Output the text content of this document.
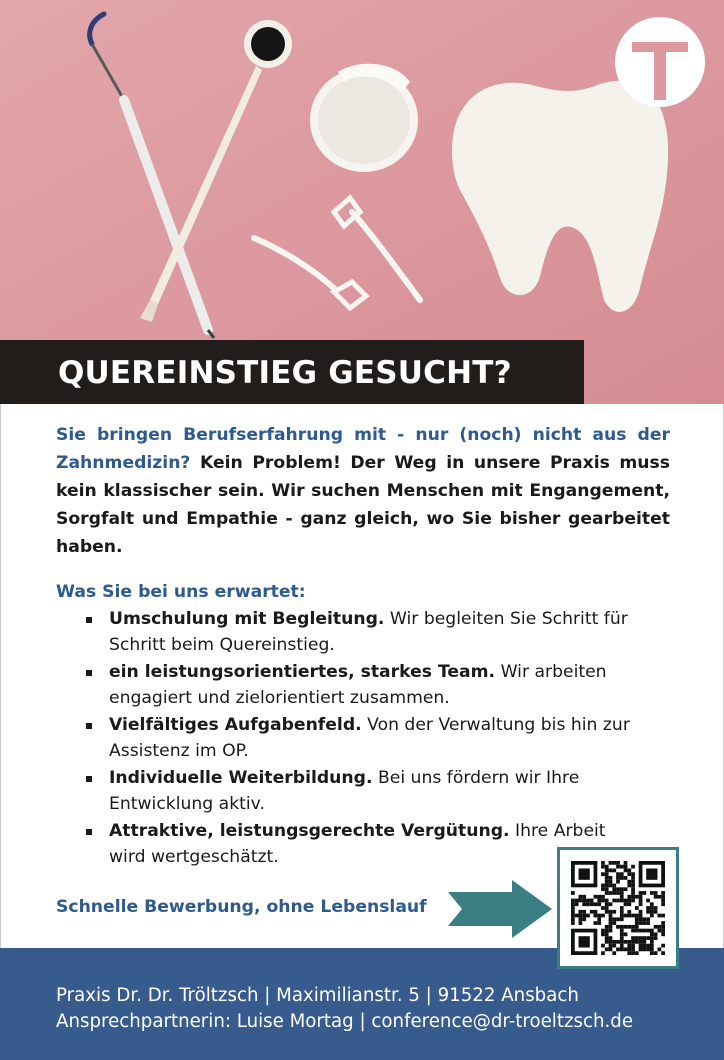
QUEREINSTIEG GESUCHT?
Sie bringen Berufserfahrung mit - nur (noch) nicht aus der Zahnmedizin? Kein Problem! Der Weg in unsere Praxis muss kein klassischer sein. Wir suchen Menschen mit Engangement, Sorgfalt und Empathie - ganz gleich, wo Sie bisher gearbeitet haben.
Was Sie bei uns erwartet:
Umschulung mit Begleitung. Wir begleiten Sie Schritt für Schritt beim Quereinstieg.
ein leistungsorientiertes, starkes Team. Wir arbeiten engagiert und zielorientiert zusammen.
Vielfältiges Aufgabenfeld. Von der Verwaltung bis hin zur Assistenz im OP.
Individuelle Weiterbildung. Bei uns fördern wir Ihre Entwicklung aktiv.
Attraktive, leistungsgerechte Vergütung. Ihre Arbeit wird wertgeschätzt.
Schnelle Bewerbung, ohne Lebenslauf
Praxis Dr. Dr. Tröltzsch | Maximilianstr. 5 | 91522 Ansbach
Ansprechpartnerin: Luise Mortag | conference@dr-troeltzsch.de
